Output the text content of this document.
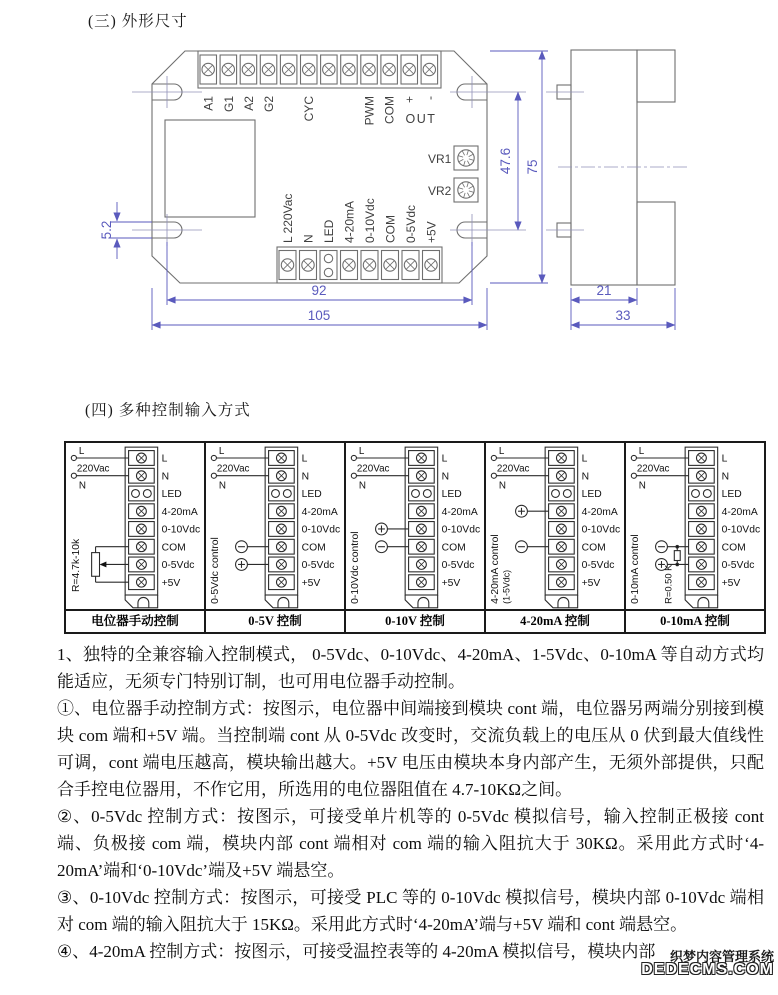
(三) 外形尺寸
A1 G1 A2 G2 CYC	PWM COM + -
OUT
VR1
VR2
L 220Vac N LED 4-20mA 0-10Vdc COM 0-5Vdc +5V
92
105
47.6 75
5.2
21
33
(四) 多种控制输入方式
L
N
LED
4-20mA
0-10Vdc
COM
0-5Vdc
+5V
L
220Vac
N
R=4.7k-10k
电位器手动控制
L
N
LED
4-20mA
0-10Vdc
COM
0-5Vdc
+5V
L
220Vac
N
0-5Vdc control
0-5V 控制
L
N
LED
4-20mA
0-10Vdc
COM
0-5Vdc
+5V
L
220Vac
N
0-10Vdc control
0-10V 控制
L
N
LED
4-20mA
0-10Vdc
COM
0-5Vdc
+5V
L
220Vac
N
4-20mA control (1-5Vdc)
4-20mA 控制
L
N
LED
4-20mA
0-10Vdc
COM
0-5Vdc
+5V
L
220Vac
N
0-10mA control R=0.50 K
0-10mA 控制

1、独特的全兼容输入控制模式， 0-5Vdc、0-10Vdc、4-20mA、1-5Vdc、0-10mA 等自动方式均能适应，无须专门特别订制，也可用电位器手动控制。

①、电位器手动控制方式：按图示，电位器中间端接到模块 cont 端，电位器另两端分别接到模块 com 端和+5V 端。当控制端 cont 从 0-5Vdc 改变时，交流负载上的电压从 0 伏到最大值线性可调，cont 端电压越高，模块输出越大。+5V 电压由模块本身内部产生，无须外部提供，只配合手控电位器用，不作它用，所选用的电位器阻值在 4.7-10KΩ之间。

②、0-5Vdc 控制方式：按图示，可接受单片机等的 0-5Vdc 模拟信号，输入控制正极接 cont 端、负极接 com 端，模块内部 cont 端相对 com 端的输入阻抗大于 30KΩ。采用此方式时‘4-20mA’端和‘0-10Vdc’端及+5V 端悬空。

③、0-10Vdc 控制方式：按图示，可接受 PLC 等的 0-10Vdc 模拟信号，模块内部 0-10Vdc 端相对 com 端的输入阻抗大于 15KΩ。采用此方式时‘4-20mA’端与+5V 端和 cont 端悬空。

④、4-20mA 控制方式：按图示，可接受温控表等的 4-20mA 模拟信号，模块内部	织梦内容管理系统
DEDECMS.COM
